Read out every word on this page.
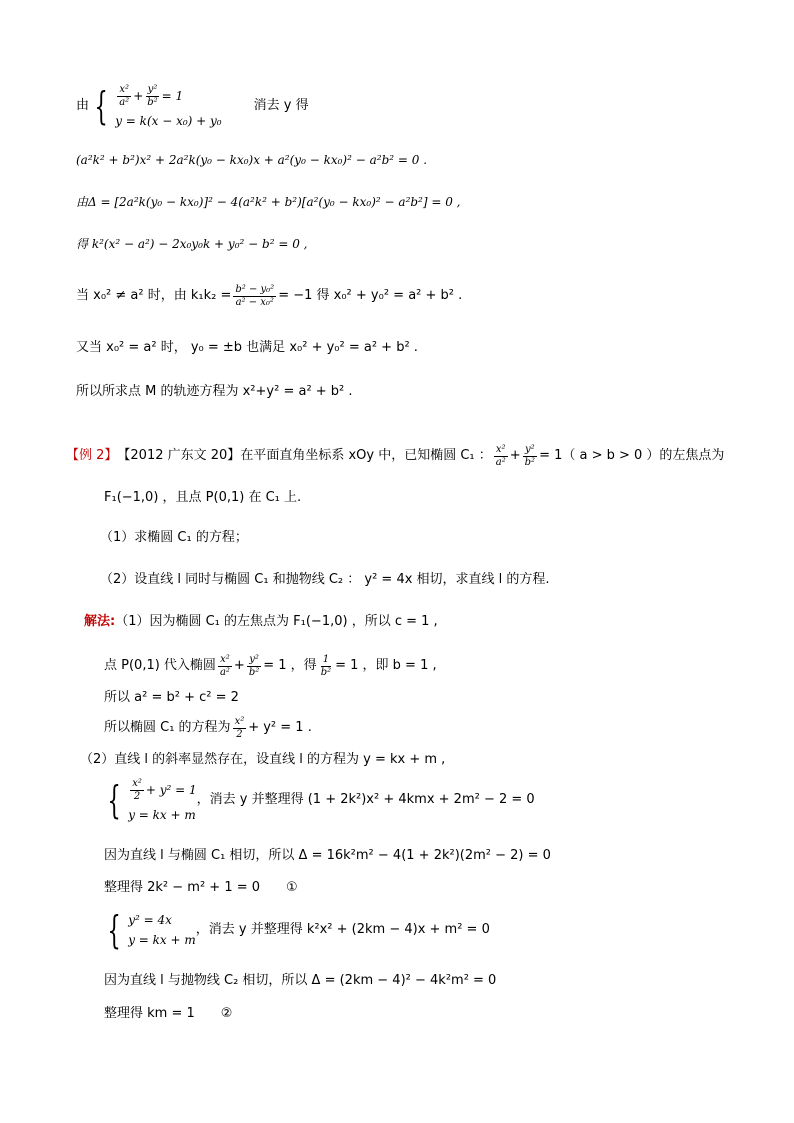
由 { $\frac{\text{x²}}{\text{a²}} + \frac{\text{y²}}{\text{b²}} = 1$
y = k(x − x₀) + y₀
消去 y 得
(a²k² + b²)x² + 2a²k(y₀ − kx₀)x + a²(y₀ − kx₀)² − a²b² = 0 .
由Δ = [2a²k(y₀ − kx₀)]² − 4(a²k² + b²)[a²(y₀ − kx₀)² − a²b²] = 0 ,
得 k²(x² − a²) − 2x₀y₀k + y₀² − b² = 0 ,
当 x₀² ≠ a² 时，由 $k_1k_2 = \frac{\text{b² − y₀²}}{\text{a² − x₀²}} = -1$ 得 x₀² + y₀² = a² + b² .
又当 x₀² = a² 时， y₀ = ±b 也满足 x₀² + y₀² = a² + b² .
所以所求点 M 的轨迹方程为 x²+y² = a² + b² .
【例 2】 【2012 广东文 20】 在平面直角坐标系 xOy 中，已知椭圆 C₁ ： $\frac{\text{x²}}{\text{a²}} + \frac{\text{y²}}{\text{b²}} = 1$（ a > b > 0 ）的左焦点为
F₁(−1,0) ，且点 P(0,1) 在 C₁ 上.
（1）求椭圆 C₁ 的方程；
（2）设直线 l 同时与椭圆 C₁ 和抛物线 C₂ ： y² = 4x 相切，求直线 l 的方程.
解法: （1）因为椭圆 C₁ 的左焦点为 F₁(−1,0) ，所以 c = 1 ,
点 P(0,1) 代入椭圆 $\frac{\text{x²}}{\text{a²}} + \frac{\text{y²}}{\text{b²}} = 1$ ，得 $\frac{1}{\text{b²}} = 1$ ，即 b = 1 ,
所以 a² = b² + c² = 2
所以椭圆 C₁ 的方程为 $\frac{\text{x²}}{2} + y^2 = 1$ .
（2）直线 l 的斜率显然存在，设直线 l 的方程为 y = kx + m ,
{ $\frac{\text{x²}}{2} + y^2 = 1$
y = kx + m
，消去 y 并整理得 (1 + 2k²)x² + 4kmx + 2m² − 2 = 0
因为直线 l 与椭圆 C₁ 相切，所以 Δ = 16k²m² − 4(1 + 2k²)(2m² − 2) = 0
整理得 2k² − m² + 1 = 0 ①
{ y² = 4x
y = kx + m
，消去 y 并整理得 k²x² + (2km − 4)x + m² = 0
因为直线 l 与抛物线 C₂ 相切，所以 Δ = (2km − 4)² − 4k²m² = 0
整理得 km = 1 ②
